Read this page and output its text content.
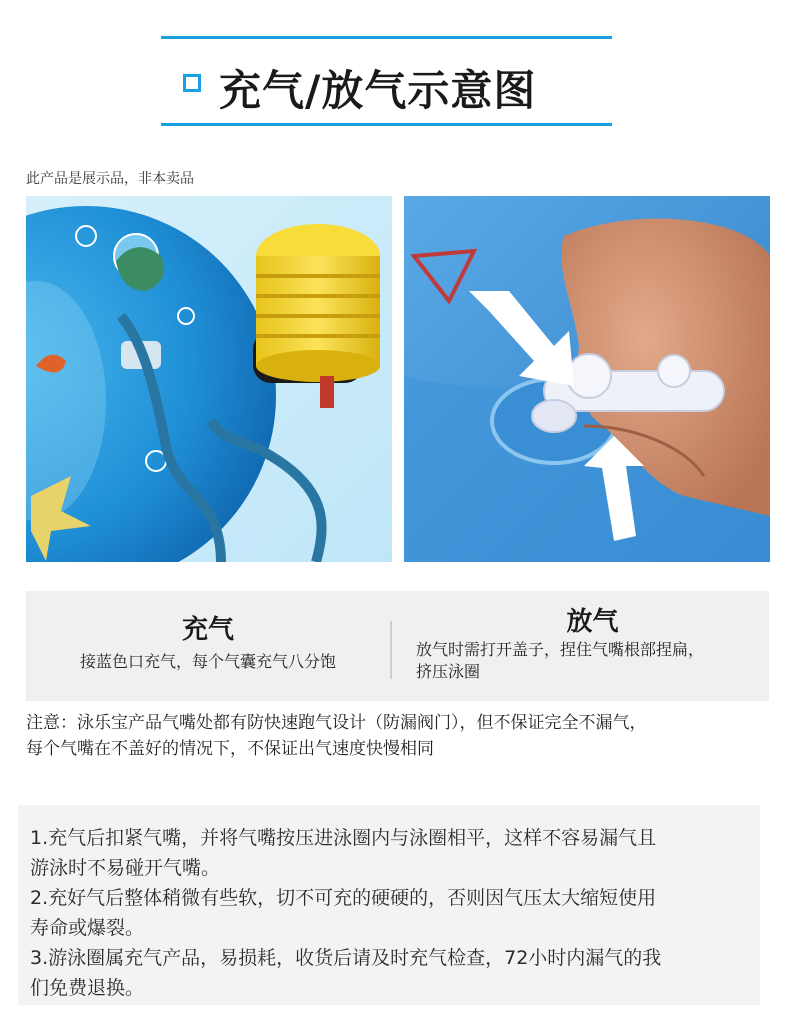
充气/放气示意图
此产品是展示品，非本卖品
充气

接蓝色口充气，每个气囊充气八分饱

放气

放气时需打开盖子，捏住气嘴根部捏扁，
挤压泳圈

注意：泳乐宝产品气嘴处都有防快速跑气设计（防漏阀门），但不保证完全不漏气，
每个气嘴在不盖好的情况下，不保证出气速度快慢相同
1.充气后扣紧气嘴，并将气嘴按压进泳圈内与泳圈相平，这样不容易漏气且
游泳时不易碰开气嘴。
2.充好气后整体稍微有些软，切不可充的硬硬的，否则因气压太大缩短使用
寿命或爆裂。
3.游泳圈属充气产品，易损耗，收货后请及时充气检查，72小时内漏气的我
们免费退换。
